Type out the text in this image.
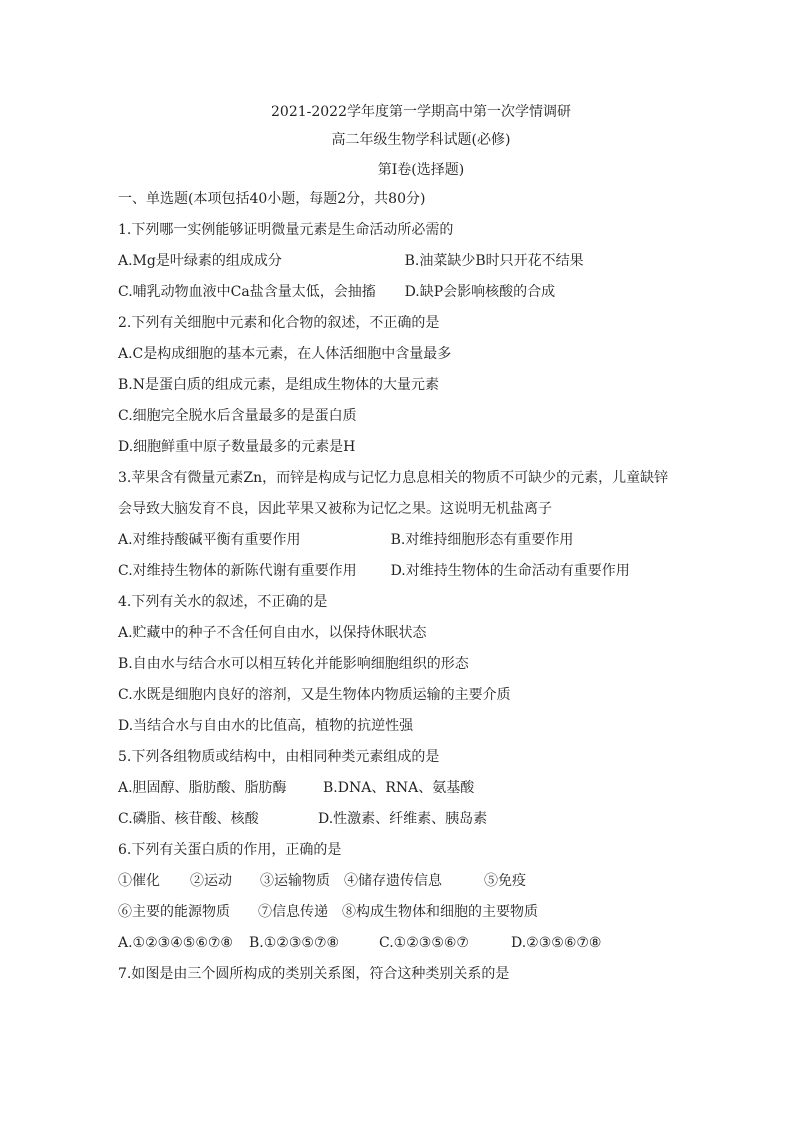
2021-2022学年度第一学期高中第一次学情调研
高二年级生物学科试题(必修)
第Ⅰ卷(选择题)
一、单选题(本项包括40小题，每题2分，共80分)
1.下列哪一实例能够证明微量元素是生命活动所必需的
A.Mg是叶绿素的组成成分	B.油菜缺少B时只开花不结果
C.哺乳动物血液中Ca盐含量太低，会抽搐	D.缺P会影响核酸的合成
2.下列有关细胞中元素和化合物的叙述，不正确的是
A.C是构成细胞的基本元素，在人体活细胞中含量最多
B.N是蛋白质的组成元素，是组成生物体的大量元素
C.细胞完全脱水后含量最多的是蛋白质
D.细胞鲜重中原子数量最多的元素是H
3.苹果含有微量元素Zn，而锌是构成与记忆力息息相关的物质不可缺少的元素，儿童缺锌
会导致大脑发育不良，因此苹果又被称为记忆之果。这说明无机盐离子
A.对维持酸碱平衡有重要作用	B.对维持细胞形态有重要作用
C.对维持生物体的新陈代谢有重要作用	D.对维持生物体的生命活动有重要作用
4.下列有关水的叙述，不正确的是
A.贮藏中的种子不含任何自由水，以保持休眠状态
B.自由水与结合水可以相互转化并能影响细胞组织的形态
C.水既是细胞内良好的溶剂，又是生物体内物质运输的主要介质
D.当结合水与自由水的比值高，植物的抗逆性强
5.下列各组物质或结构中，由相同种类元素组成的是
A.胆固醇、脂肪酸、脂肪酶	B.DNA、RNA、氨基酸
C.磷脂、核苷酸、核酸	D.性激素、纤维素、胰岛素
6.下列有关蛋白质的作用，正确的是
①催化	②运动	③运输物质	④储存遗传信息	⑤免疫
⑥主要的能源物质	⑦信息传递	⑧构成生物体和细胞的主要物质
A.①②③④⑤⑥⑦⑧	B.①②③⑤⑦⑧	C.①②③⑤⑥⑦	D.②③⑤⑥⑦⑧
7.如图是由三个圆所构成的类别关系图，符合这种类别关系的是
